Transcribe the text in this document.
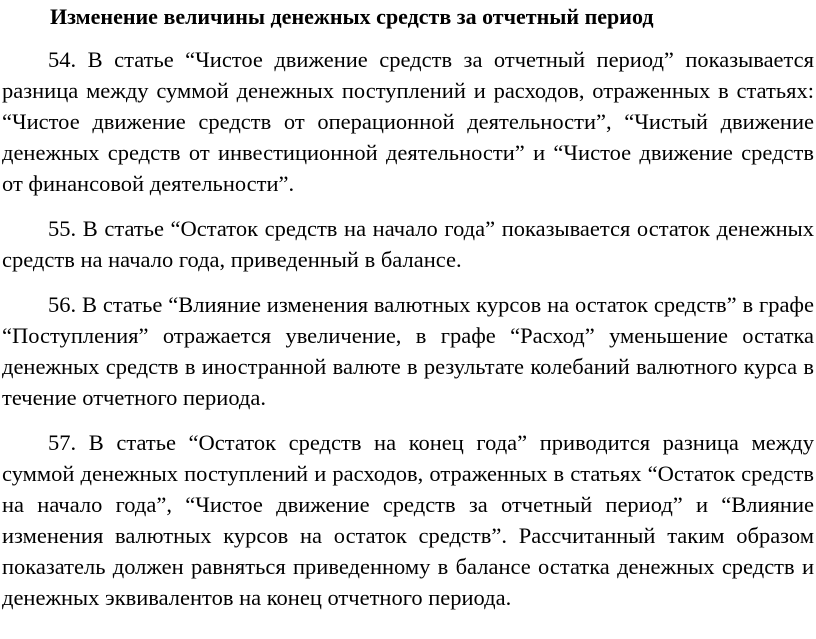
Изменение величины денежных средств за отчетный период

54. В статье “Чистое движение средств за отчетный период” показывается разница между суммой денежных поступлений и расходов, отраженных в статьях: “Чистое движение средств от операционной деятельности”, “Чистый движение денежных средств от инвестиционной деятельности” и “Чистое движение средств от финансовой деятельности”.

55. В статье “Остаток средств на начало года” показывается остаток денежных средств на начало года, приведенный в балансе.

56. В статье “Влияние изменения валютных курсов на остаток средств” в графе “Поступления” отражается увеличение, в графе “Расход” уменьшение остатка денежных средств в иностранной валюте в результате колебаний валютного курса в течение отчетного периода.

57. В статье “Остаток средств на конец года” приводится разница между суммой денежных поступлений и расходов, отраженных в статьях “Остаток средств на начало года”, “Чистое движение средств за отчетный период” и “Влияние изменения валютных курсов на остаток средств”. Рассчитанный таким образом показатель должен равняться приведенному в балансе остатка денежных средств и денежных эквивалентов на конец отчетного периода.
